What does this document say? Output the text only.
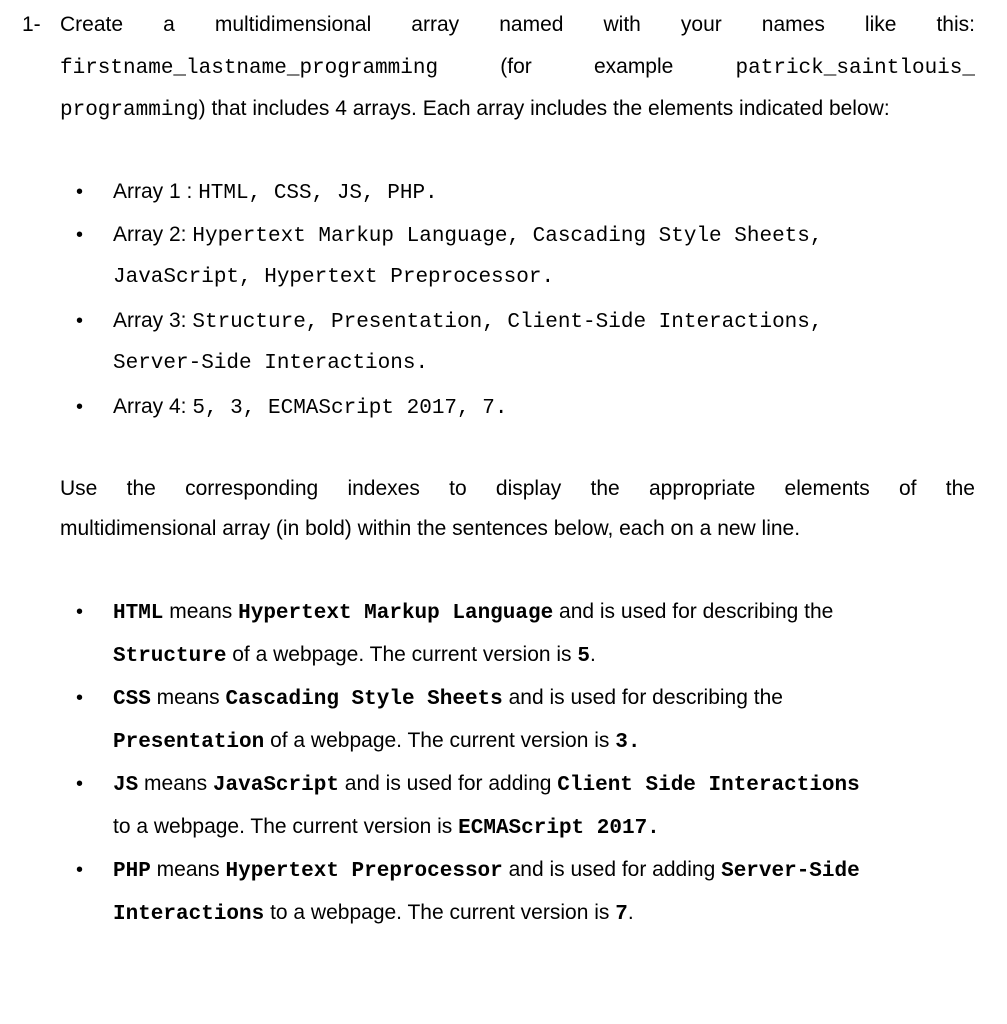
1- Create a multidimensional array named with your names like this:
firstname_lastname_programming	(for example	patrick_saintlouis_
programming) that includes 4 arrays. Each array includes the elements indicated below:
• Array 1 : HTML, CSS, JS, PHP.
• Array 2: Hypertext Markup Language, Cascading Style Sheets,
JavaScript, Hypertext Preprocessor.
• Array 3: Structure, Presentation, Client-Side Interactions,
Server-Side Interactions.
• Array 4: 5, 3, ECMAScript 2017, 7.
Use the corresponding indexes to display the appropriate elements of the
multidimensional array (in bold) within the sentences below, each on a new line.
• HTML means Hypertext Markup Language and is used for describing the
Structure of a webpage. The current version is 5.
• CSS means Cascading Style Sheets and is used for describing the
Presentation of a webpage. The current version is 3.
• JS means JavaScript and is used for adding Client Side Interactions
to a webpage. The current version is ECMAScript 2017.
• PHP means Hypertext Preprocessor and is used for adding Server-Side
Interactions to a webpage. The current version is 7.
